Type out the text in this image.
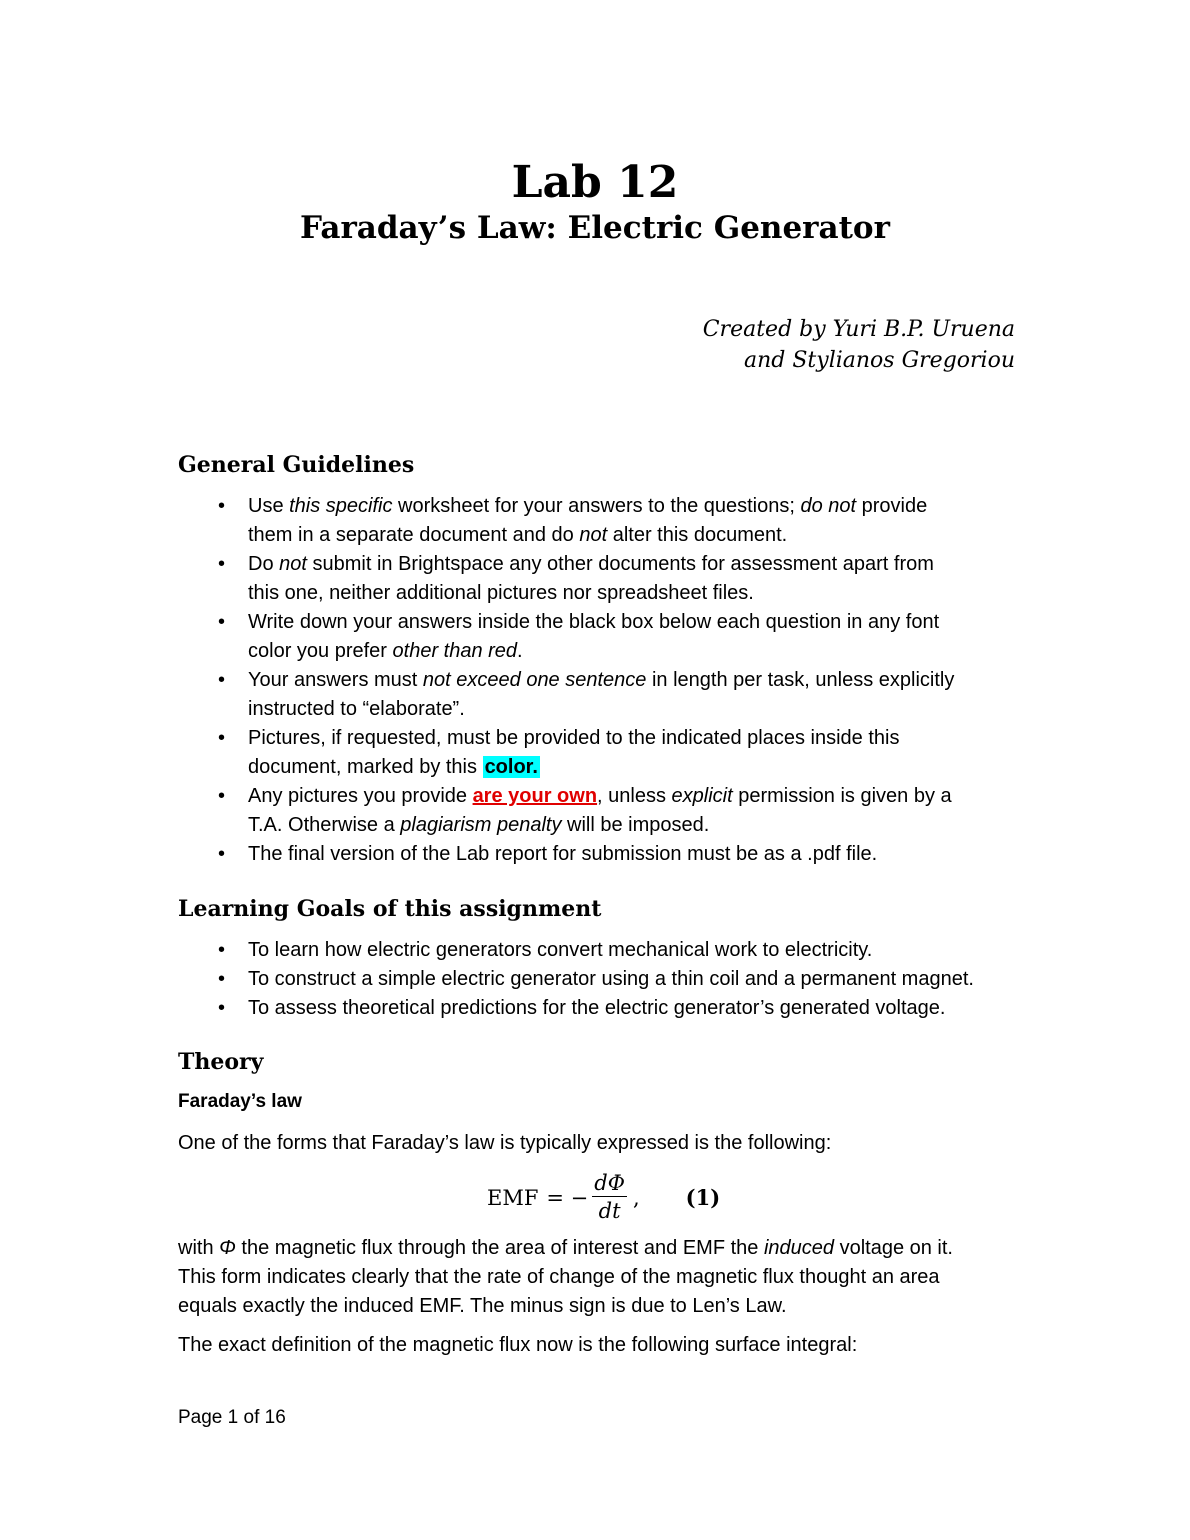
Lab 12
Faraday’s Law: Electric Generator
Created by Yuri B.P. Uruena
and Stylianos Gregoriou
General Guidelines
• Use this specific worksheet for your answers to the questions; do not provide
them in a separate document and do not alter this document.
• Do not submit in Brightspace any other documents for assessment apart from
this one, neither additional pictures nor spreadsheet files.
• Write down your answers inside the black box below each question in any font
color you prefer other than red.
• Your answers must not exceed one sentence in length per task, unless explicitly
instructed to “elaborate”.
• Pictures, if requested, must be provided to the indicated places inside this
document, marked by this color.
• Any pictures you provide are your own, unless explicit permission is given by a
T.A. Otherwise a plagiarism penalty will be imposed.
• The final version of the Lab report for submission must be as a .pdf file.
Learning Goals of this assignment
• To learn how electric generators convert mechanical work to electricity.
• To construct a simple electric generator using a thin coil and a permanent magnet.
• To assess theoretical predictions for the electric generator’s generated voltage.
Theory
Faraday’s law

One of the forms that Faraday’s law is typically expressed is the following:

EMF = − $\frac{d\Phi}{dt}$ , (1)

with Φ the magnetic flux through the area of interest and EMF the induced voltage on it.
This form indicates clearly that the rate of change of the magnetic flux thought an area
equals exactly the induced EMF. The minus sign is due to Len’s Law.

The exact definition of the magnetic flux now is the following surface integral:

Page 1 of 16
